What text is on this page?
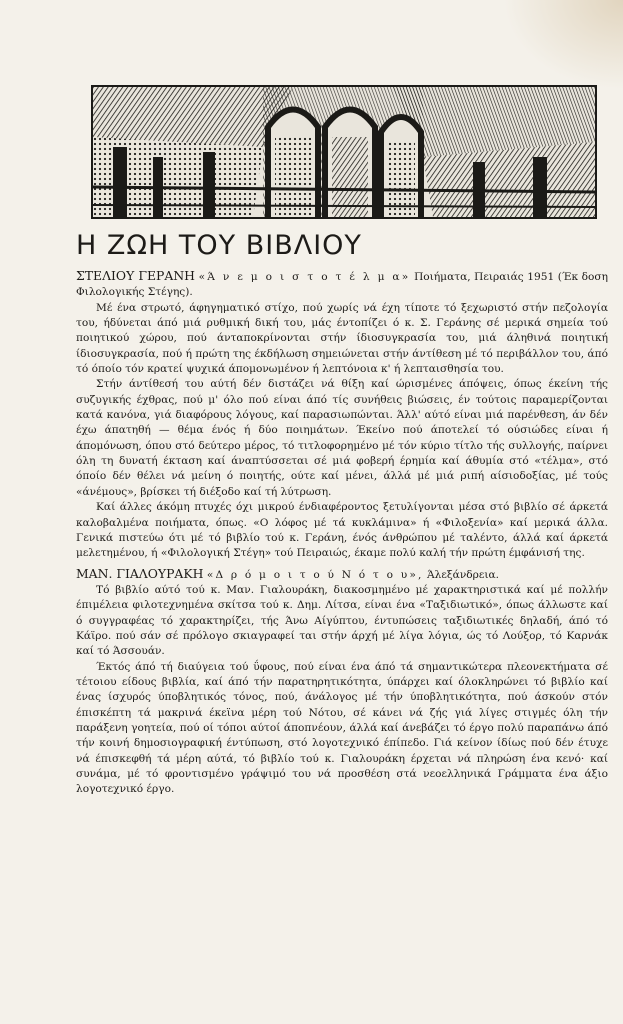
Η ΖΩΗ ΤΟΥ ΒΙΒΛΙΟΥ

ΣΤΕΛΙΟΥ ΓΕΡΑΝΗ «Ά ν ε μ ο ι σ τ ο τ έ λ μ α» Ποιήματα, Πειραιάς 1951 (Έκ δοση Φιλολογικής Στέγης).

Μέ ένα στρωτό, άφηγηματικό στίχο, πού χωρίς νά έχη τίποτε τό ξεχωριστό στήν πεζολογία του, ήδύνεται άπό μιά ρυθμική δική του, μάς έντοπίζει ό κ. Σ. Γεράνης σέ μερικά σημεία τού ποιητικού χώρου, πού άνταποκρίνονται στήν ίδιοσυγκρασία του, μιά άληθινά ποιητική ίδιοσυγκρασία, πού ή πρώτη της έκδήλωση σημειώνεται στήν άντίθεση μέ τό περιβάλλον του, άπό τό όποίο τόν κρατεί ψυχικά άπομονωμένον ή λεπτόνοια κ' ή λεπταισθησία του.

Στήν άντίθεσή του αύτή δέν διστάζει νά θίξη καί ώρισμένες άπόψεις, όπως έκείνη τής συζυγικής έχθρας, πού μ' όλο πού είναι άπό τίς συνήθεις βιώσεις, έν τούτοις παραμερίζονται κατά κανόνα, γιά διαφόρους λόγους, καί παρασιωπώνται. Άλλ' αύτό είναι μιά παρένθεση, άν δέν έχω άπατηθή — θέμα ένός ή δύο ποιημάτων. Έκείνο πού άποτελεί τό ούσιώδες είναι ή άπομόνωση, όπου στό δεύτερο μέρος, τό τιτλοφορημένο μέ τόν κύριο τίτλο τής συλλογής, παίρνει όλη τη δυνατή έκταση καί άναπτύσσεται σέ μιά φοβερή έρημία καί άθυμία στό «τέλμα», στό όποίο δέν θέλει νά μείνη ό ποιητής, ούτε καί μένει, άλλά μέ μιά ριπή αίσιοδοξίας, μέ τούς «άνέμους», βρίσκει τή διέξοδο καί τή λύτρωση.

Καί άλλες άκόμη πτυχές όχι μικρού ένδιαφέροντος ξετυλίγονται μέσα στό βιβλίο σέ άρκετά καλοβαλμένα ποιήματα, όπως. «Ο λόφος μέ τά κυκλάμινα» ή «Φιλοξενία» καί μερικά άλλα. Γενικά πιστεύω ότι μέ τό βιβλίο τού κ. Γεράνη, ένός άνθρώπου μέ ταλέντο, άλλά καί άρκετά μελετημένου, ή «Φιλολογική Στέγη» τού Πειραιώς, έκαμε πολύ καλή τήν πρώτη έμφάνισή της.

ΜΑΝ. ΓΙΑΛΟΥΡΑΚΗ «Δ ρ ό μ ο ι τ ο ύ Ν ό τ ο υ», Άλεξάνδρεια.

Τό βιβλίο αύτό τού κ. Μαν. Γιαλουράκη, διακοσμημένο μέ χαρακτηριστικά καί μέ πολλήν έπιμέλεια φιλοτεχνημένα σκίτσα τού κ. Δημ. Λίτσα, είναι ένα «Ταξιδιωτικό», όπως άλλωστε καί ό συγγραφέας τό χαρακτηρίζει, τής Άνω Αίγύπτου, έντυπώσεις ταξιδιωτικές δηλαδή, άπό τό Κάϊρο. πού σάν σέ πρόλογο σκιαγραφεί ται στήν άρχή μέ λίγα λόγια, ώς τό Λούξορ, τό Καρνάκ καί τό Άσσουάν.

Έκτός άπό τή διαύγεια τού ΰφους, πού είναι ένα άπό τά σημαντικώτερα πλεονεκτήματα σέ τέτοιου είδους βιβλία, καί άπό τήν παρατηρητικότητα, ύπάρχει καί όλοκληρώνει τό βιβλίο καί ένας ίσχυρός ύποβλητικός τόνος, πού, άνάλογος μέ τήν ύποβλητικότητα, πού άσκούν στόν έπισκέπτη τά μακρινά έκεϊνα μέρη τού Νότου, σέ κάνει νά ζής γιά λίγες στιγμές όλη τήν παράξενη γοητεία, πού οί τόποι αύτοί άποπνέουν, άλλά καί άνεβάζει τό έργο πολύ παραπάνω άπό τήν κοινή δημοσιογραφική έντύπωση, στό λογοτεχνικό έπίπεδο. Γιά κείνον ίδίως πού δέν έτυχε νά έπισκεφθή τά μέρη αύτά, τό βιβλίο τού κ. Γιαλουράκη έρχεται νά πληρώση ένα κενό· καί συνάμα, μέ τό φροντισμένο γράψιμό του νά προσθέση στά νεοελληνικά Γράμματα ένα άξιο λογοτεχνικό έργο.
